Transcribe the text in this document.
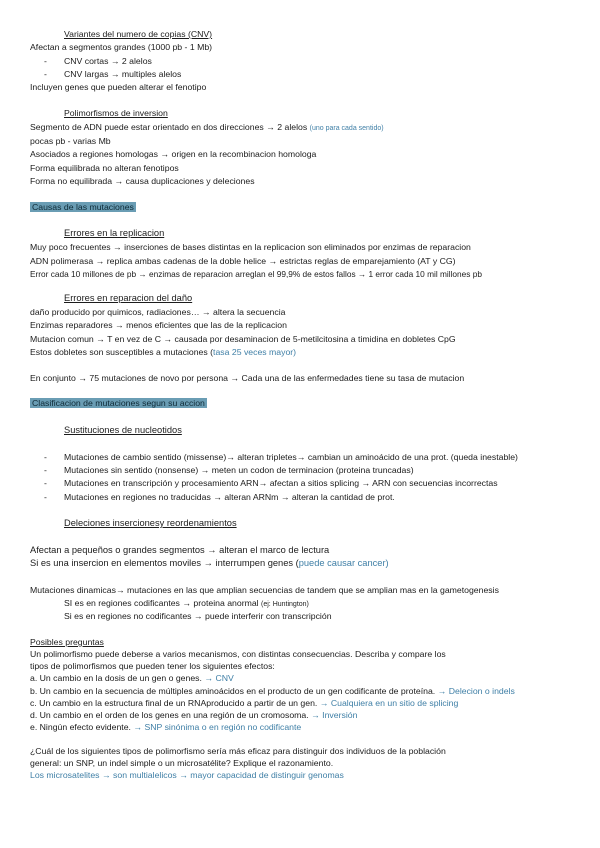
Variantes del numero de copias (CNV)
Afectan a segmentos grandes (1000 pb - 1 Mb)
- CNV cortas → 2 alelos
- CNV largas → multiples alelos
Incluyen genes que pueden alterar el fenotipo
Polimorfismos de inversion
Segmento de ADN puede estar orientado en dos direcciones → 2 alelos (uno para cada sentido)
pocas pb - varias Mb
Asociados a regiones homologas → origen en la recombinacion homologa
Forma equilibrada no alteran fenotipos
Forma no equilibrada → causa duplicaciones y deleciones
Causas de las mutaciones
Errores en la replicacion
Muy poco frecuentes → inserciones de bases distintas en la replicacion son eliminados por enzimas de reparacion
ADN polimerasa → replica ambas cadenas de la doble helice → estrictas reglas de emparejamiento (AT y CG)
Error cada 10 millones de pb → enzimas de reparacion arreglan el 99,9% de estos fallos → 1 error cada 10 mil millones pb
Errores en reparacion del daño
daño producido por quimicos, radiaciones… → altera la secuencia
Enzimas reparadores → menos eficientes que las de la replicacion
Mutacion comun → T en vez de C → causada por desaminacion de 5-metilcitosina a timidina en dobletes CpG
Estos dobletes son susceptibles a mutaciones (tasa 25 veces mayor)
En conjunto → 75 mutaciones de novo por persona → Cada una de las enfermedades tiene su tasa de mutacion
Clasificacion de mutaciones segun su accion
Sustituciones de nucleotidos
- Mutaciones de cambio sentido (missense)→ alteran tripletes→ cambian un aminoácido de una prot. (queda inestable)
- Mutaciones sin sentido (nonsense) → meten un codon de terminacion (proteina truncadas)
- Mutaciones en transcripción y procesamiento ARN→ afectan a sitios splicing → ARN con secuencias incorrectas
- Mutaciones en regiones no traducidas → alteran ARNm → alteran la cantidad de prot.
Deleciones insercionesy reordenamientos
Afectan a pequeños o grandes segmentos → alteran el marco de lectura
Si es una insercion en elementos moviles → interrumpen genes (puede causar cancer)
Mutaciones dinamicas→ mutaciones en las que amplian secuencias de tandem que se amplian mas en la gametogenesis
SI es en regiones codificantes → proteina anormal (ej: Huntington)
Si es en regiones no codificantes → puede interferir con transcripción
Posibles preguntas
Un polimorfismo puede deberse a varios mecanismos, con distintas consecuencias. Describa y compare los
tipos de polimorfismos que pueden tener los siguientes efectos:
a. Un cambio en la dosis de un gen o genes. → CNV
b. Un cambio en la secuencia de múltiples aminoácidos en el producto de un gen codificante de proteína. → Delecion o indels
c. Un cambio en la estructura final de un RNAproducido a partir de un gen. → Cualquiera en un sitio de splicing
d. Un cambio en el orden de los genes en una región de un cromosoma. → Inversión
e. Ningún efecto evidente. → SNP sinónima o en región no codificante
¿Cuál de los siguientes tipos de polimorfismo sería más eficaz para distinguir dos individuos de la población
general: un SNP, un indel simple o un microsatélite? Explique el razonamiento.
Los microsatelites → son multialelicos → mayor capacidad de distinguir genomas
